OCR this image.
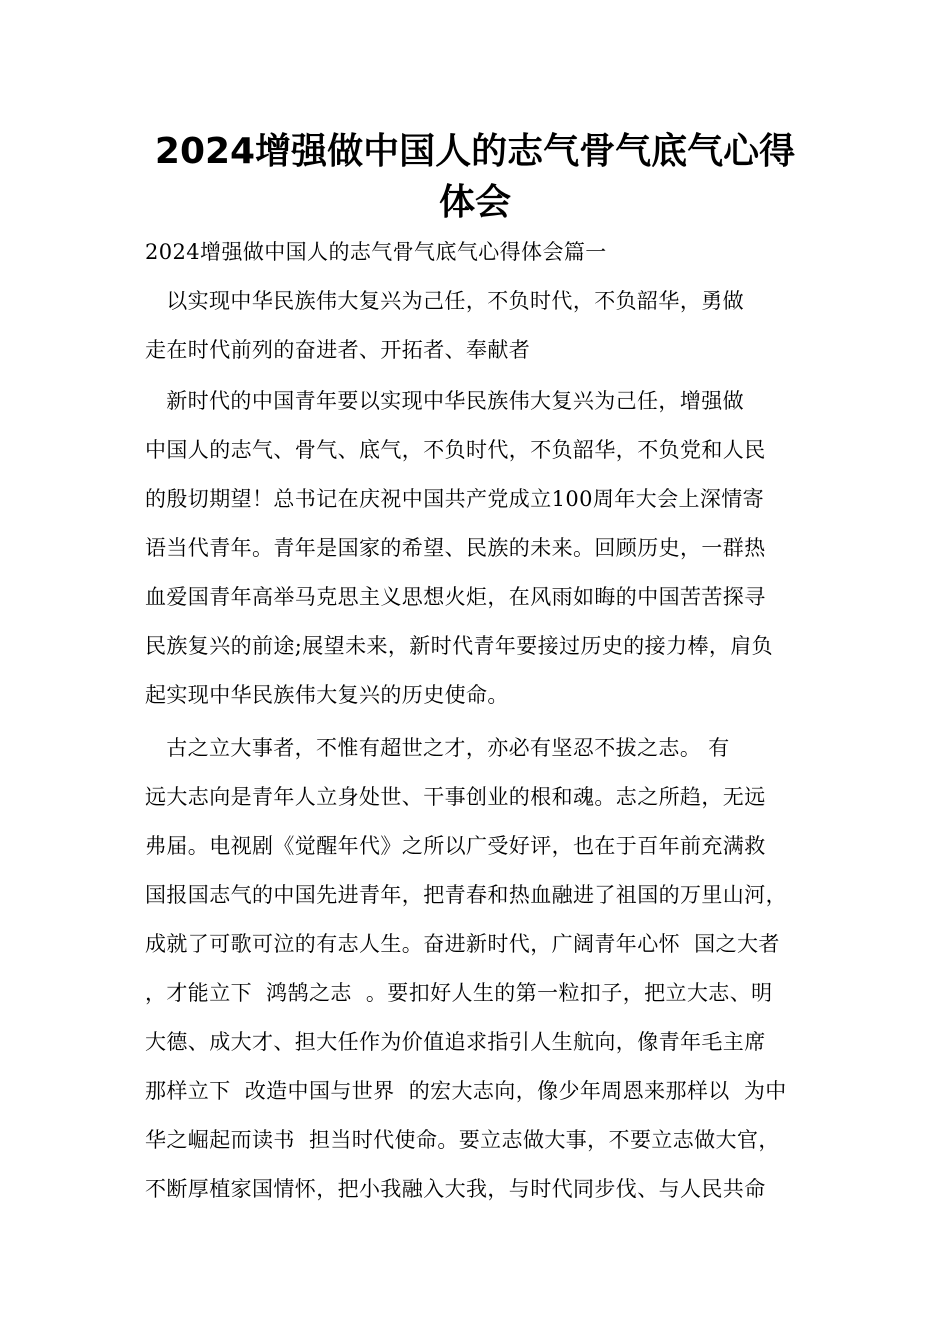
2024增强做中国人的志气骨气底气心得
体会
2024增强做中国人的志气骨气底气心得体会篇一
以实现中华民族伟大复兴为己任，不负时代，不负韶华，勇做
走在时代前列的奋进者、开拓者、奉献者
新时代的中国青年要以实现中华民族伟大复兴为己任，增强做
中国人的志气、骨气、底气，不负时代，不负韶华，不负党和人民
的殷切期望！总书记在庆祝中国共产党成立100周年大会上深情寄
语当代青年。青年是国家的希望、民族的未来。回顾历史，一群热
血爱国青年高举马克思主义思想火炬，在风雨如晦的中国苦苦探寻
民族复兴的前途;展望未来，新时代青年要接过历史的接力棒，肩负
起实现中华民族伟大复兴的历史使命。
古之立大事者，不惟有超世之才，亦必有坚忍不拔之志。 有
远大志向是青年人立身处世、干事创业的根和魂。志之所趋，无远
弗届。电视剧《觉醒年代》之所以广受好评，也在于百年前充满救
国报国志气的中国先进青年，把青春和热血融进了祖国的万里山河，
成就了可歌可泣的有志人生。奋进新时代，广阔青年心怀  国之大者
，才能立下  鸿鹄之志  。要扣好人生的第一粒扣子，把立大志、明
大德、成大才、担大任作为价值追求指引人生航向，像青年毛主席
那样立下  改造中国与世界  的宏大志向，像少年周恩来那样以  为中
华之崛起而读书  担当时代使命。要立志做大事，不要立志做大官，
不断厚植家国情怀，把小我融入大我，与时代同步伐、与人民共命
